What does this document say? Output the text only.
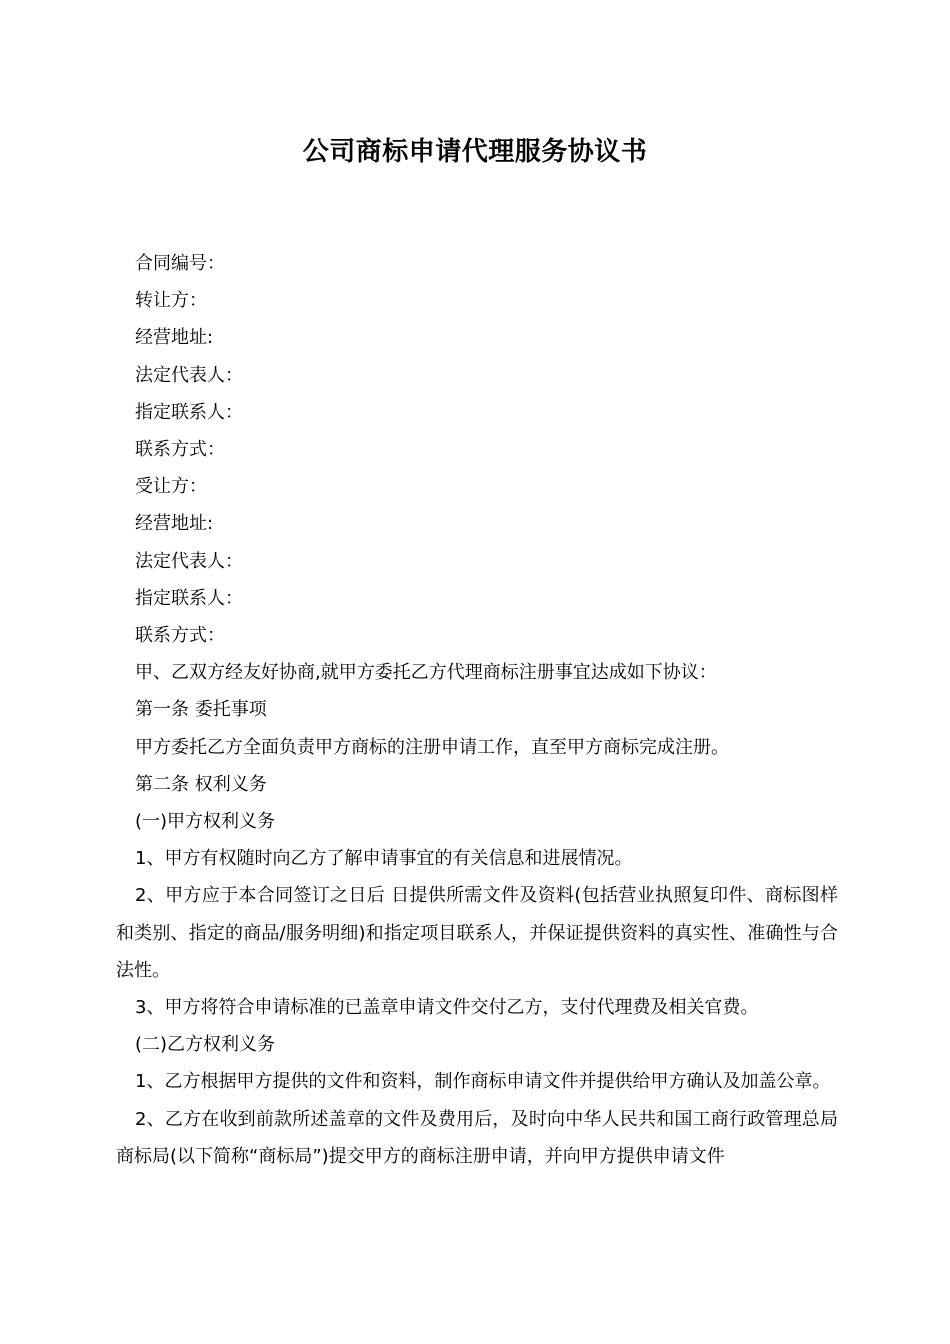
公司商标申请代理服务协议书

合同编号：

转让方：

经营地址:

法定代表人：

指定联系人：

联系方式：

受让方：

经营地址:

法定代表人：

指定联系人：

联系方式：

甲、乙双方经友好协商,就甲方委托乙方代理商标注册事宜达成如下协议：

第一条 委托事项

甲方委托乙方全面负责甲方商标的注册申请工作，直至甲方商标完成注册。

第二条 权利义务

(一)甲方权利义务

1、甲方有权随时向乙方了解申请事宜的有关信息和进展情况。

2、甲方应于本合同签订之日后 日提供所需文件及资料(包括营业执照复印件、商标图样和类别、指定的商品/服务明细)和指定项目联系人，并保证提供资料的真实性、准确性与合法性。

3、甲方将符合申请标准的已盖章申请文件交付乙方，支付代理费及相关官费。

(二)乙方权利义务

1、乙方根据甲方提供的文件和资料，制作商标申请文件并提供给甲方确认及加盖公章。

2、乙方在收到前款所述盖章的文件及费用后，及时向中华人民共和国工商行政管理总局商标局(以下简称“商标局”)提交甲方的商标注册申请，并向甲方提供申请文件
